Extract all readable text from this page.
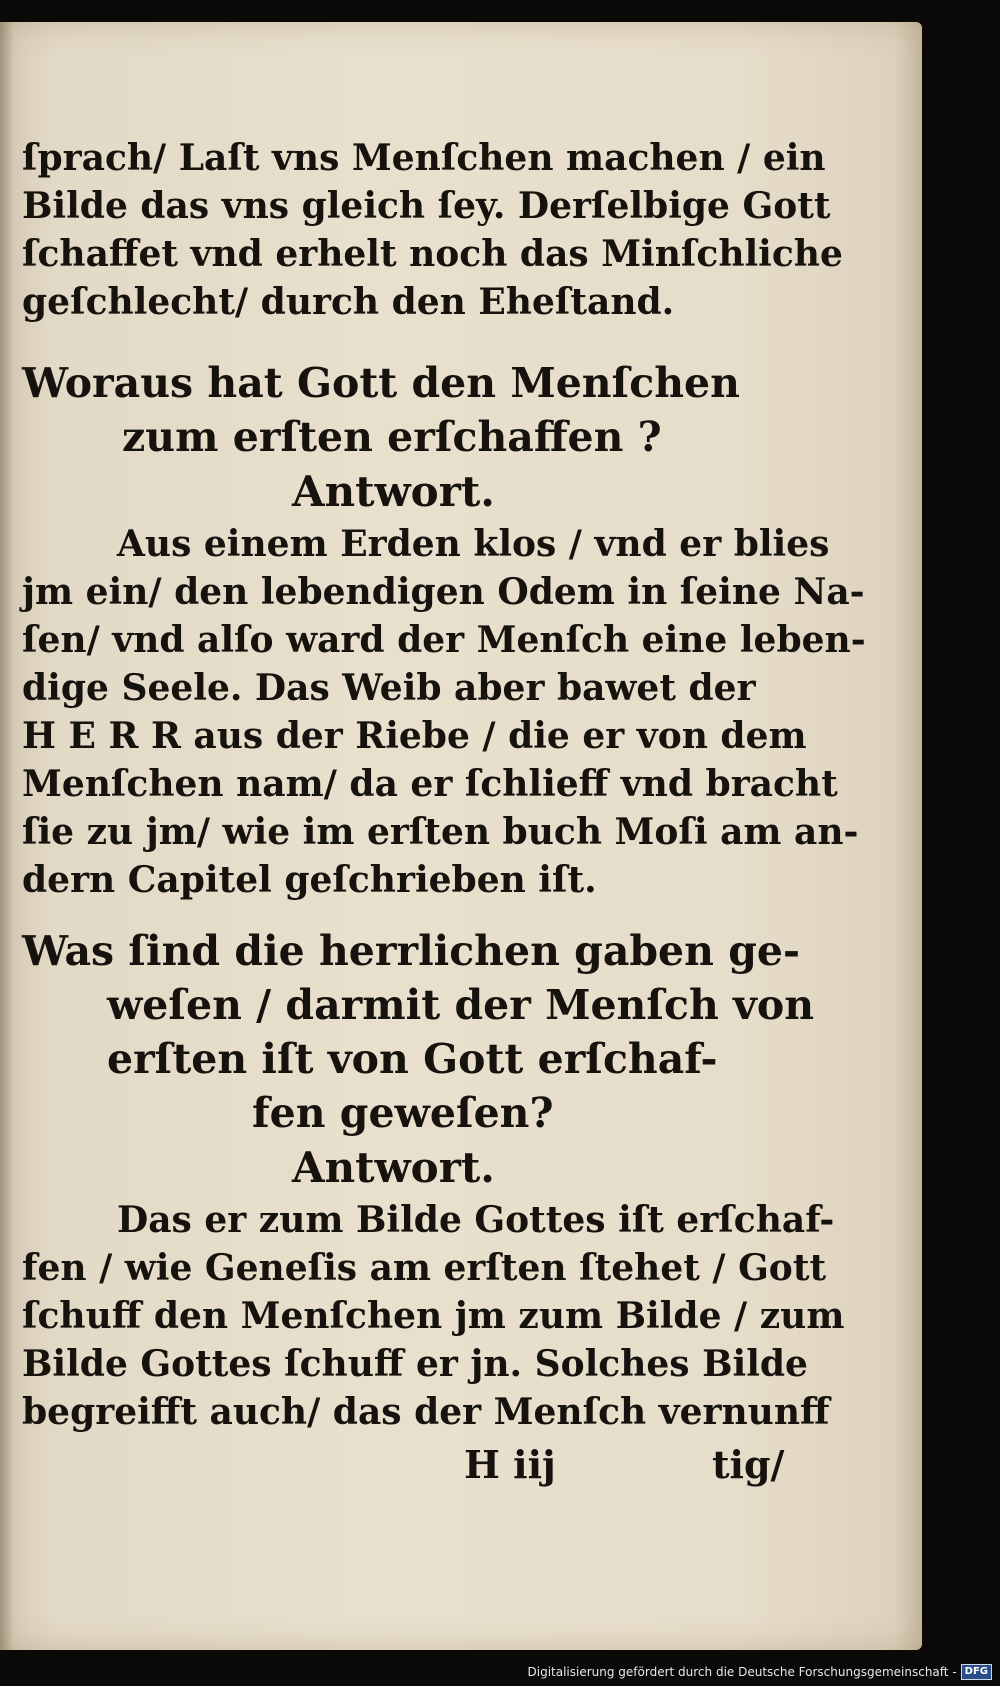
ſprach/ Laſt vns Menſchen machen / ein
Bilde das vns gleich ſey. Derſelbige Gott
ſchaffet vnd erhelt noch das Minſchliche
geſchlecht/ durch den Eheſtand.
Woraus hat Gott den Menſchen
zum erſten erſchaffen ?
Antwort.
Aus einem Erden klos / vnd er blies
jm ein/ den lebendigen Odem in ſeine Na-
ſen/ vnd alſo ward der Menſch eine leben-
dige Seele. Das Weib aber bawet der
H E R R aus der Riebe / die er von dem
Menſchen nam/ da er ſchlieff vnd bracht
ſie zu jm/ wie im erſten buch Moſi am an-
dern Capitel geſchrieben iſt.
Was ſind die herrlichen gaben ge-
weſen / darmit der Menſch von
erſten iſt von Gott erſchaf-
fen geweſen?
Antwort.
Das er zum Bilde Gottes iſt erſchaf-
fen / wie Geneſis am erſten ſtehet / Gott
ſchuff den Menſchen jm zum Bilde / zum
Bilde Gottes ſchuff er jn. Solches Bilde
begreifft auch/ das der Menſch vernunff
H iij	tig/
Digitalisierung gefördert durch die Deutsche Forschungsgemeinschaft - DFG
